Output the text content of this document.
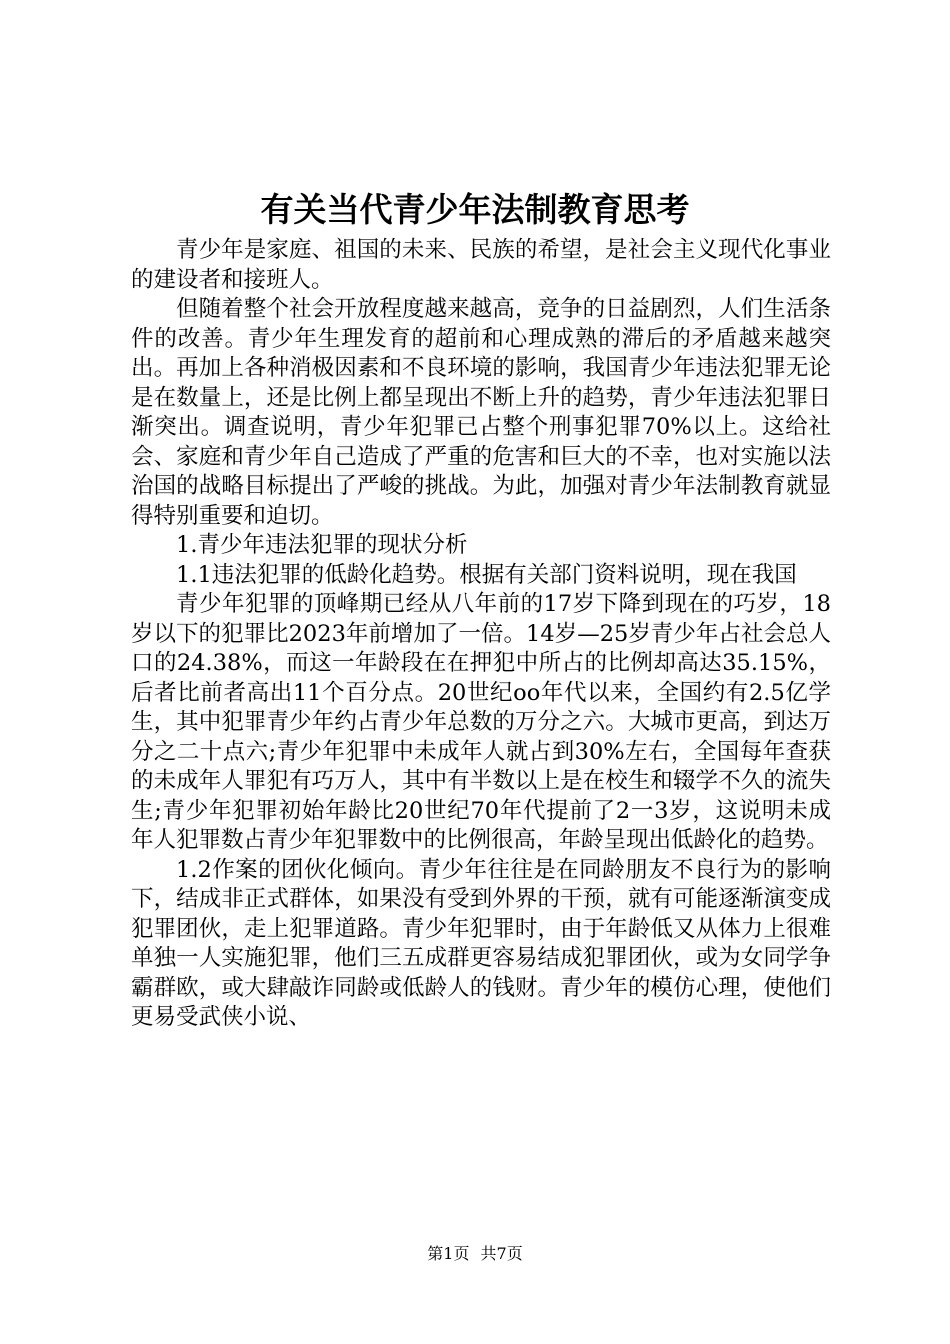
有关当代青少年法制教育思考

青少年是家庭、祖国的未来、民族的希望，是社会主义现代化事业的建设者和接班人。

但随着整个社会开放程度越来越高，竞争的日益剧烈，人们生活条件的改善。青少年生理发育的超前和心理成熟的滞后的矛盾越来越突出。再加上各种消极因素和不良环境的影响，我国青少年违法犯罪无论是在数量上，还是比例上都呈现出不断上升的趋势，青少年违法犯罪日渐突出。调查说明，青少年犯罪已占整个刑事犯罪70%以上。这给社会、家庭和青少年自己造成了严重的危害和巨大的不幸，也对实施以法治国的战略目标提出了严峻的挑战。为此，加强对青少年法制教育就显得特别重要和迫切。

1.青少年违法犯罪的现状分析

1.1违法犯罪的低龄化趋势。根据有关部门资料说明，现在我国

青少年犯罪的顶峰期已经从八年前的17岁下降到现在的巧岁，18岁以下的犯罪比2023年前增加了一倍。14岁—25岁青少年占社会总人口的24.38%，而这一年龄段在在押犯中所占的比例却高达35.15%，后者比前者高出11个百分点。20世纪oo年代以来，全国约有2.5亿学生，其中犯罪青少年约占青少年总数的万分之六。大城市更高，到达万分之二十点六;青少年犯罪中未成年人就占到30%左右，全国每年查获的未成年人罪犯有巧万人，其中有半数以上是在校生和辍学不久的流失生;青少年犯罪初始年龄比20世纪70年代提前了2一3岁，这说明未成年人犯罪数占青少年犯罪数中的比例很高，年龄呈现出低龄化的趋势。

1.2作案的团伙化倾向。青少年往往是在同龄朋友不良行为的影响下，结成非正式群体，如果没有受到外界的干预，就有可能逐渐演变成犯罪团伙，走上犯罪道路。青少年犯罪时，由于年龄低又从体力上很难单独一人实施犯罪，他们三五成群更容易结成犯罪团伙，或为女同学争霸群欧，或大肆敲诈同龄或低龄人的钱财。青少年的模仿心理，使他们更易受武侠小说、

第1页 共7页
